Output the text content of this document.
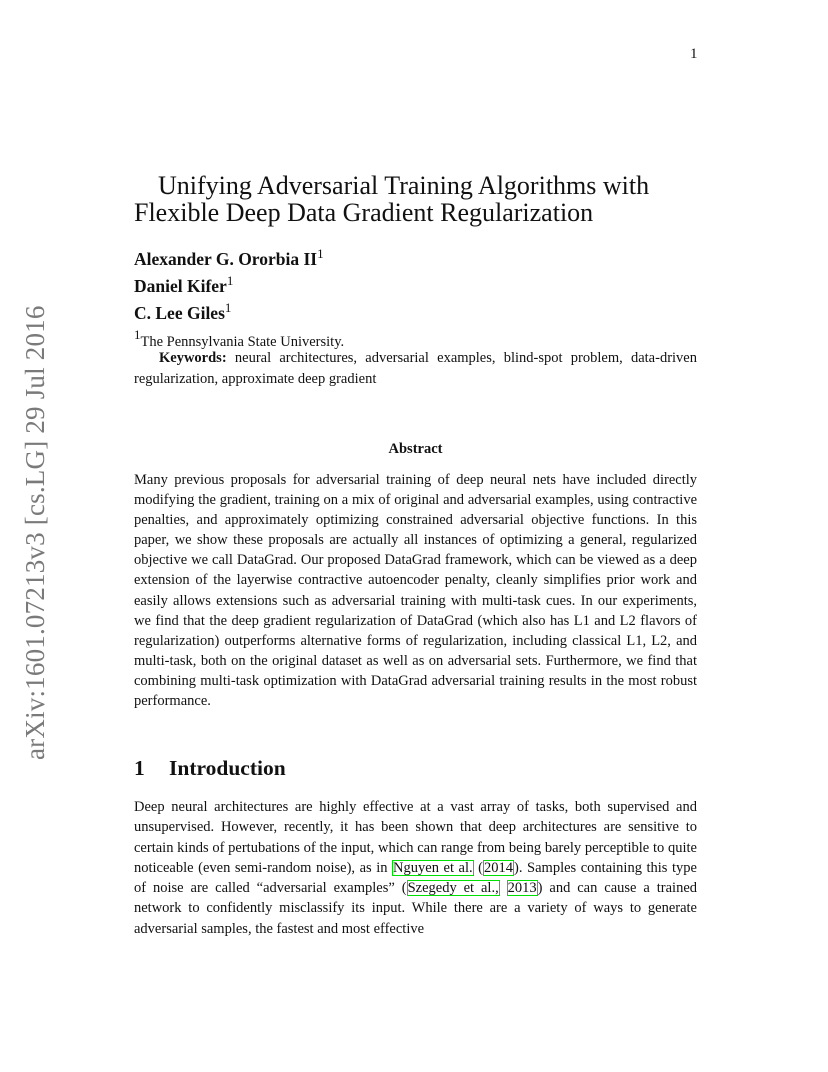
1
arXiv:1601.07213v3 [cs.LG] 29 Jul 2016
Unifying Adversarial Training Algorithms with
Flexible Deep Data Gradient Regularization
Alexander G. Ororbia $II^1$
Daniel Kifer$^1$
C. Lee Giles$^1$
$^1$The Pennsylvania State University.

Keywords: neural architectures, adversarial examples, blind-spot problem, data-driven regularization, approximate deep gradient

Abstract

Many previous proposals for adversarial training of deep neural nets have included directly modifying the gradient, training on a mix of original and adversarial examples, using contractive penalties, and approximately optimizing constrained adversarial objective functions. In this paper, we show these proposals are actually all instances of optimizing a general, regularized objective we call DataGrad. Our proposed DataGrad framework, which can be viewed as a deep extension of the layerwise contractive autoencoder penalty, cleanly simplifies prior work and easily allows extensions such as adversarial training with multi-task cues. In our experiments, we find that the deep gradient regularization of DataGrad (which also has L1 and L2 flavors of regularization) outperforms alternative forms of regularization, including classical L1, L2, and multi-task, both on the original dataset as well as on adversarial sets. Furthermore, we find that combining multi-task optimization with DataGrad adversarial training results in the most robust performance.

1 Introduction

Deep neural architectures are highly effective at a vast array of tasks, both supervised and unsupervised. However, recently, it has been shown that deep architectures are sensitive to certain kinds of pertubations of the input, which can range from being barely perceptible to quite noticeable (even semi-random noise), as in Nguyen et al. (2014). Samples containing this type of noise are called “adversarial examples” (Szegedy et al., 2013) and can cause a trained network to confidently misclassify its input. While there are a variety of ways to generate adversarial samples, the fastest and most effective
